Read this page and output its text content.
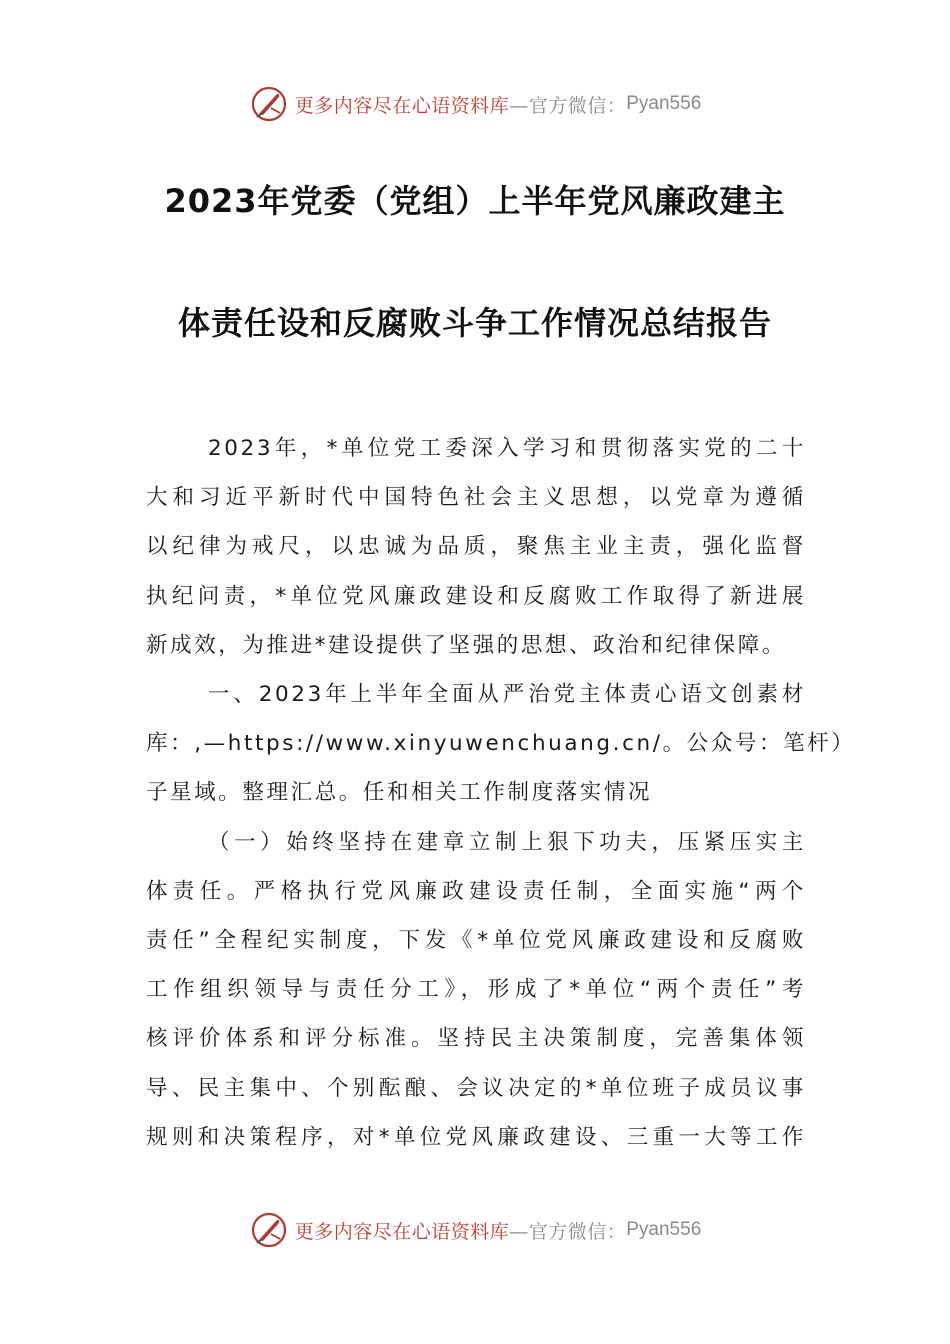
更多内容尽在心语资料库 —官方微信： Pyan556
2023年党委（党组）上半年党风廉政建主
体责任设和反腐败斗争工作情况总结报告
2023年，*单位党工委深入学习和贯彻落实党的二十
大和习近平新时代中国特色社会主义思想，以党章为遵循
以纪律为戒尺，以忠诚为品质，聚焦主业主责，强化监督
执纪问责，*单位党风廉政建设和反腐败工作取得了新进展
新成效，为推进*建设提供了坚强的思想、政治和纪律保障。
一、2023年上半年全面从严治党主体责心语文创素材
库：,—https://www.xinyuwenchuang.cn/。公众号：笔杆）
子星域。整理汇总。任和相关工作制度落实情况
（一）始终坚持在建章立制上狠下功夫，压紧压实主
体责任。严格执行党风廉政建设责任制，全面实施“两个
责任”全程纪实制度，下发《*单位党风廉政建设和反腐败
工作组织领导与责任分工》，形成了*单位“两个责任”考
核评价体系和评分标准。坚持民主决策制度，完善集体领
导、民主集中、个别酝酿、会议决定的*单位班子成员议事
规则和决策程序，对*单位党风廉政建设、三重一大等工作
更多内容尽在心语资料库 —官方微信： Pyan556
